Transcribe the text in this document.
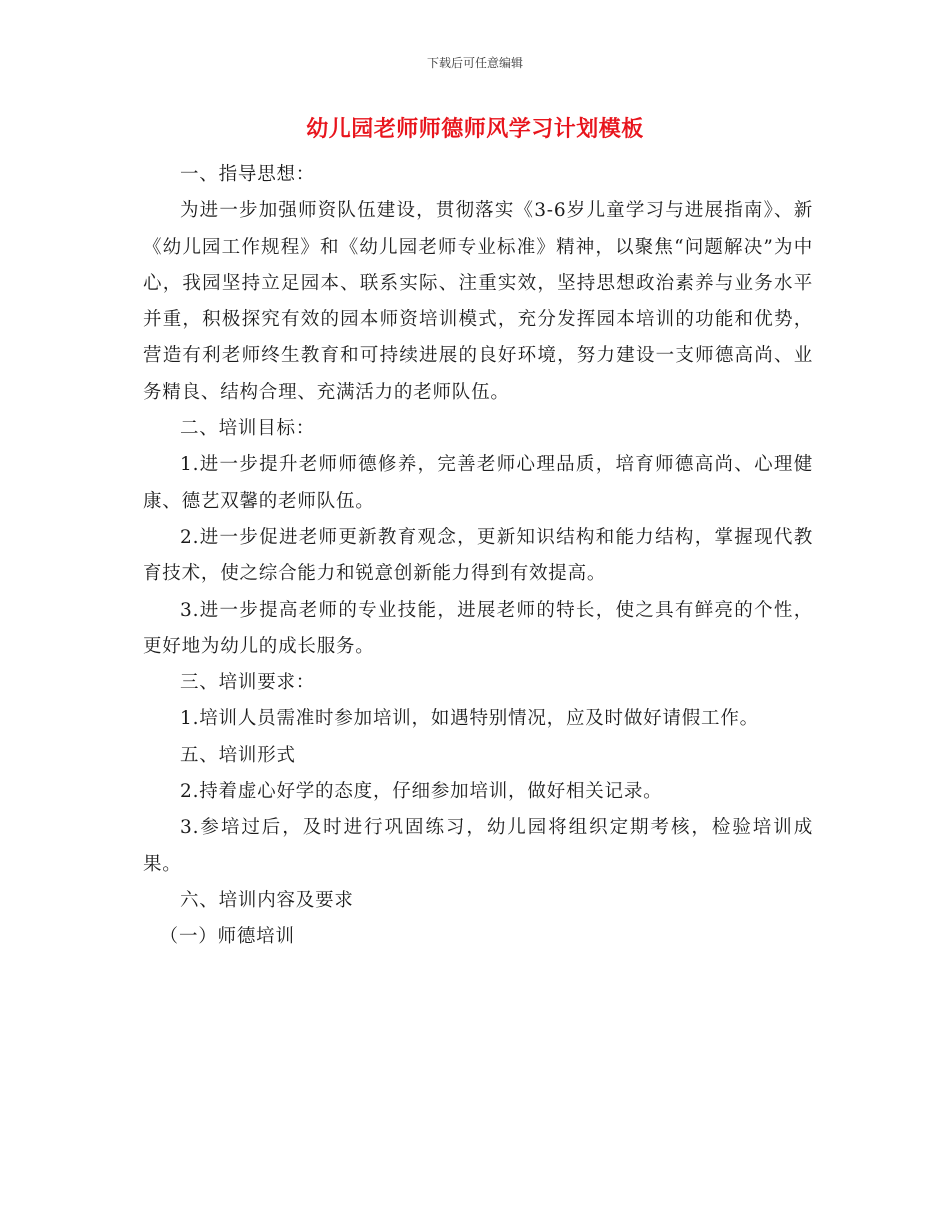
下载后可任意编辑
幼儿园老师师德师风学习计划模板

一、指导思想：

为进一步加强师资队伍建设，贯彻落实《3-6岁儿童学习与进展指南》、新《幼儿园工作规程》和《幼儿园老师专业标准》精神，以聚焦“问题解决”为中心，我园坚持立足园本、联系实际、注重实效，坚持思想政治素养与业务水平并重，积极探究有效的园本师资培训模式，充分发挥园本培训的功能和优势，营造有利老师终生教育和可持续进展的良好环境，努力建设一支师德高尚、业务精良、结构合理、充满活力的老师队伍。

二、培训目标：

1.进一步提升老师师德修养，完善老师心理品质，培育师德高尚、心理健康、德艺双馨的老师队伍。

2.进一步促进老师更新教育观念，更新知识结构和能力结构，掌握现代教育技术，使之综合能力和锐意创新能力得到有效提高。

3.进一步提高老师的专业技能，进展老师的特长，使之具有鲜亮的个性，更好地为幼儿的成长服务。

三、培训要求：

1.培训人员需准时参加培训，如遇特别情况，应及时做好请假工作。

五、培训形式

2.持着虚心好学的态度，仔细参加培训，做好相关记录。

3.参培过后，及时进行巩固练习，幼儿园将组织定期考核，检验培训成果。

六、培训内容及要求

（一）师德培训
